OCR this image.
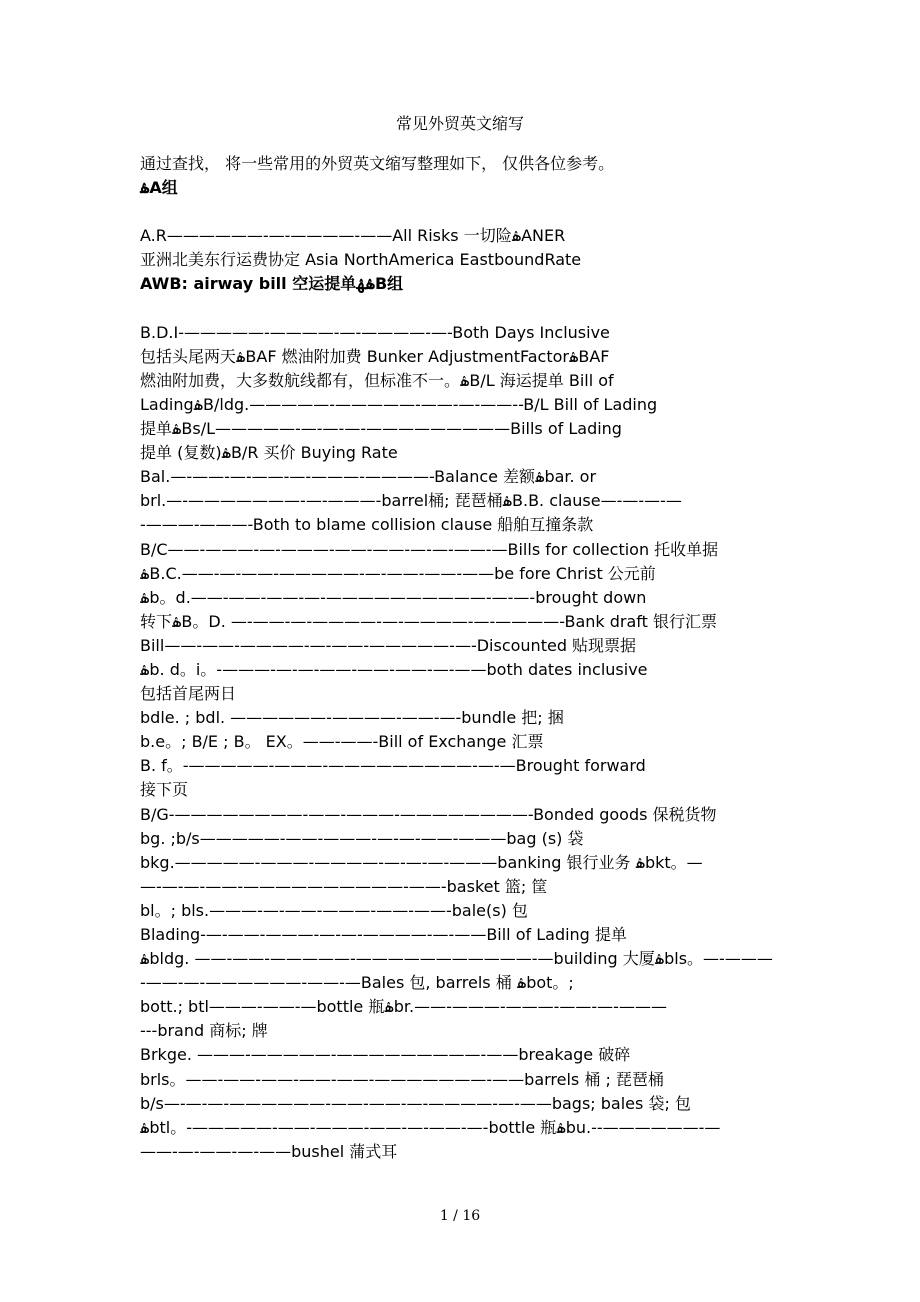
常见外贸英文缩写
通过查找， 将一些常用的外贸英文缩写整理如下， 仅供各位参考。
ۿA组
A.R——————-—-————-——All Risks 一切险ۿANER
亚洲北美东行运费协定 Asia NorthAmerica EastboundRate
AWB: airway bill 空运提单ۿۿB组
B.D.I-—————-————-—-————-—-Both Days Inclusive
包括头尾两天ۿBAF 燃油附加费 Bunker AdjustmentFactorۿBAF
燃油附加费，大多数航线都有，但标准不一。ۿB/L 海运提单 Bill of
LadingۿB/ldg.—————-—————-——-—-——--B/L Bill of Lading
提单ۿBs/L—————-—-—-—-—————————Bills of Lading
提单 (复数)ۿB/R 买价 Buying Rate
Bal.—-——-—-——-—-———-————-Balance 差额ۿbar. or
brl.—-———————-—-———-barrel桶; 琵琶桶ۿB.B. clause—-—-—-—
-———-———-Both to blame collision clause 船舶互撞条款
B/C——-———-—-———-——-——-—-—-——-—Bills for collection 托收单据
ۿB.C.——-—-——-—————-—-——-——-——be fore Christ 公元前
ۿb。d.——-——-——-—-——————————-—-—-brought down
转下ۿB。D. —-——-—-————-—-————-—-————-Bank draft 银行汇票
Bill——-——-————-—-——-—————-—-Discounted 贴现票据
ۿb. d。i。-———-—-—-——-——-——-—-——both dates inclusive
包括首尾两日
bdle. ; bdl. ——————-————-——-—-bundle 把; 捆
b.e。; B/E ; B。 EX。——-——-Bill of Exchange 汇票
B. f。-—————-———-—————————-—-—Brought forward
接下页
B/G-————————-——-———-————————-Bonded goods 保税货物
bg. ;b/s—————-——-———-—-—-——-———bag (s) 袋
bkg.—————-———-————-—-—-—-———banking 银行业务 ۿbkt。—
—-—-—-——-——————————-——-basket 篮; 筐
bl。; bls.———-—-——-———-——-——-bale(s) 包
Blading-—-——-———-—-—-————-—-——Bill of Lading 提单
ۿbldg. ——-——-—————-———————————-—building 大厦ۿbls。—-———
-——-—-——————-——-—Bales 包, barrels 桶 ۿbot。;
bott.; btl———-——-—bottle 瓶ۿbr.——-———-———-——-—-———
---brand 商标; 牌
Brkge. ———-—————-—————————-——breakage 破碎
brls。——-——-——-——-——-———————-——barrels 桶 ; 琵琶桶
b/s—-—-—-——————-——-——-—-————-—-——bags; bales 袋; 包
ۿbtl。-—————-——-———-——-—-——-—-bottle 瓶ۿbu.--——————-—
——-—-——-—-——bushel 蒲式耳
1 / 16
